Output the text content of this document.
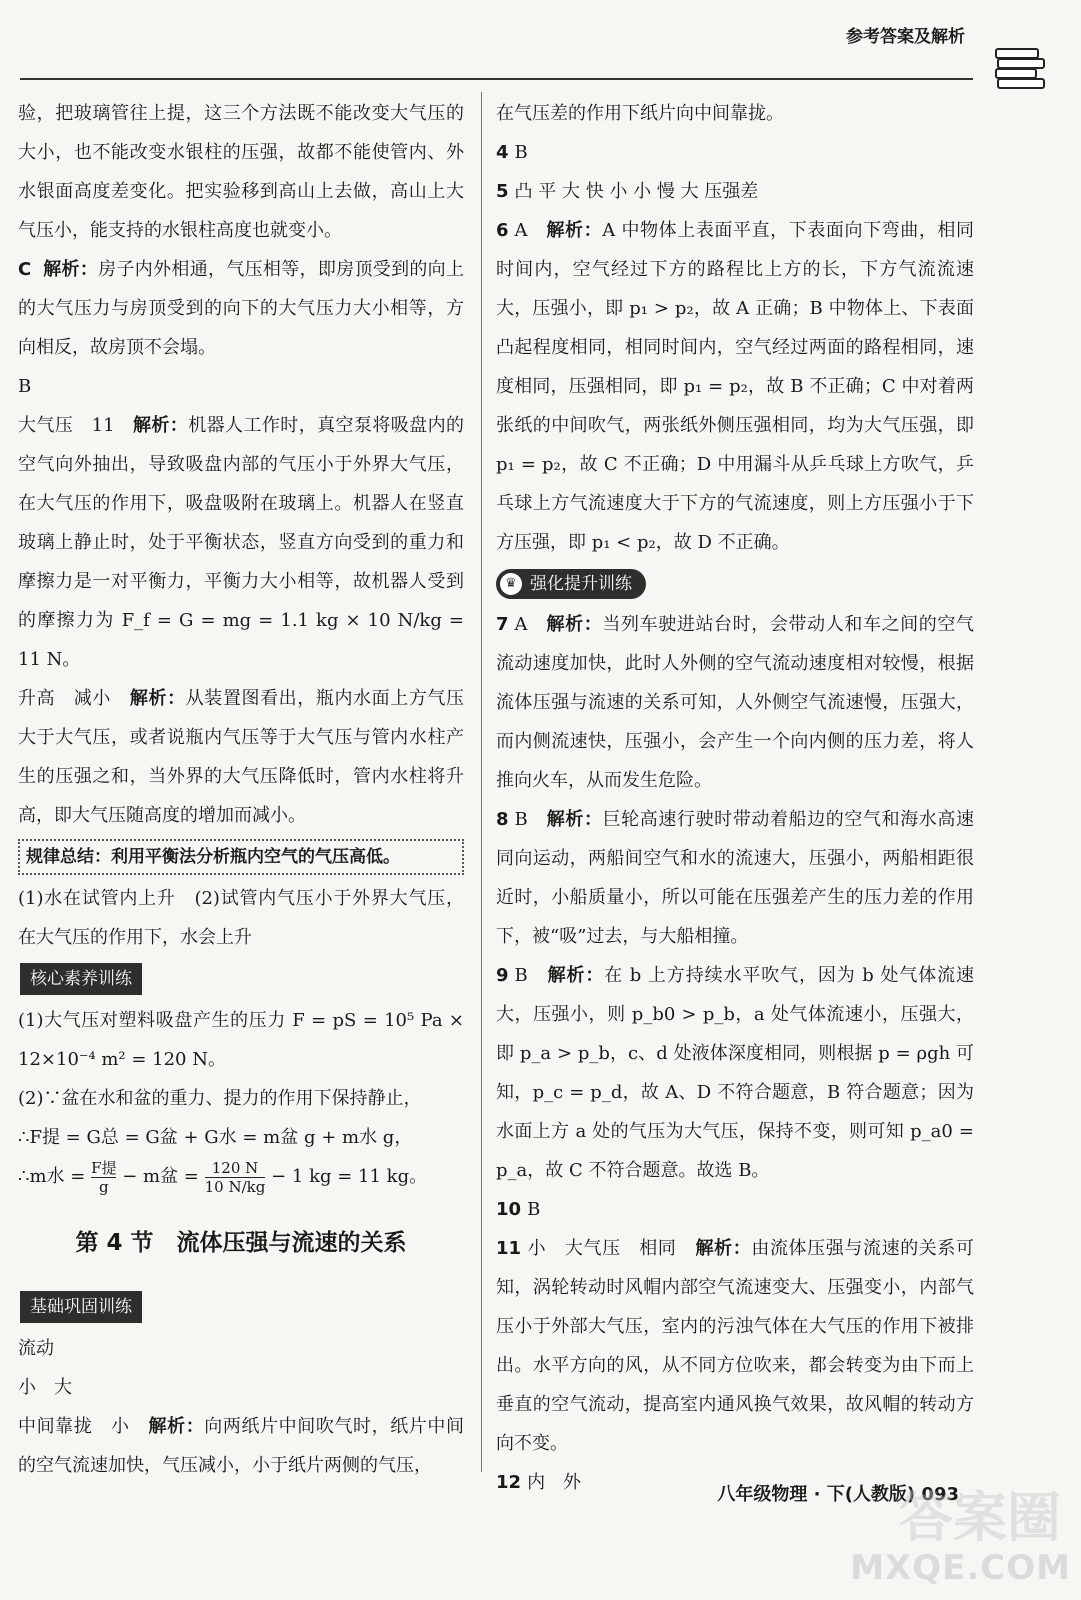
参考答案及解析

验，把玻璃管往上提，这三个方法既不能改变大气压的大小，也不能改变水银柱的压强，故都不能使管内、外水银面高度差变化。把实验移到高山上去做，高山上大气压小，能支持的水银柱高度也就变小。

C 解析：房子内外相通，气压相等，即房顶受到的向上的大气压力与房顶受到的向下的大气压力大小相等，方向相反，故房顶不会塌。

B

大气压　11 解析：机器人工作时，真空泵将吸盘内的空气向外抽出，导致吸盘内部的气压小于外界大气压，在大气压的作用下，吸盘吸附在玻璃上。机器人在竖直玻璃上静止时，处于平衡状态，竖直方向受到的重力和摩擦力是一对平衡力，平衡力大小相等，故机器人受到的摩擦力为 F_f = G = mg = 1.1 kg × 10 N/kg = 11 N。

升高　减小 解析：从装置图看出，瓶内水面上方气压大于大气压，或者说瓶内气压等于大气压与管内水柱产生的压强之和，当外界的大气压降低时，管内水柱将升高，即大气压随高度的增加而减小。

规律总结：利用平衡法分析瓶内空气的气压高低。

(1)水在试管内上升　(2)试管内气压小于外界大气压，在大气压的作用下，水会上升

核心素养训练

(1)大气压对塑料吸盘产生的压力 F = pS = 10⁵ Pa × 12×10⁻⁴ m² = 120 N。

(2)∵盆在水和盆的重力、提力的作用下保持静止，

∴F提 = G总 = G盆 + G水 = m盆 g + m水 g，

∴m水 = $\frac{\text{F提}}{g} - m$盆 = $\frac{120 N}{10 N/kg} - 1$ kg = 11 kg。

第 4 节　流体压强与流速的关系
基础巩固训练

流动

小　大

中间靠拢　小 解析：向两纸片中间吹气时，纸片中间的空气流速加快，气压减小，小于纸片两侧的气压，

在气压差的作用下纸片向中间靠拢。

4 B

5 凸 平 大 快 小 小 慢 大 压强差

6 A 解析：A 中物体上表面平直，下表面向下弯曲，相同时间内，空气经过下方的路程比上方的长，下方气流流速大，压强小，即 p₁ > p₂，故 A 正确；B 中物体上、下表面凸起程度相同，相同时间内，空气经过两面的路程相同，速度相同，压强相同，即 p₁ = p₂，故 B 不正确；C 中对着两张纸的中间吹气，两张纸外侧压强相同，均为大气压强，即 p₁ = p₂，故 C 不正确；D 中用漏斗从乒乓球上方吹气，乒乓球上方气流速度大于下方的气流速度，则上方压强小于下方压强，即 p₁ < p₂，故 D 不正确。

♛ 强化提升训练

7 A 解析：当列车驶进站台时，会带动人和车之间的空气流动速度加快，此时人外侧的空气流动速度相对较慢，根据流体压强与流速的关系可知，人外侧空气流速慢，压强大，而内侧流速快，压强小，会产生一个向内侧的压力差，将人推向火车，从而发生危险。

8 B 解析：巨轮高速行驶时带动着船边的空气和海水高速同向运动，两船间空气和水的流速大，压强小，两船相距很近时，小船质量小，所以可能在压强差产生的压力差的作用下，被“吸”过去，与大船相撞。

9 B 解析：在 b 上方持续水平吹气，因为 b 处气体流速大，压强小，则 p_b0 > p_b，a 处气体流速小，压强大，即 p_a > p_b，c、d 处液体深度相同，则根据 p = ρgh 可知，p_c = p_d，故 A、D 不符合题意，B 符合题意；因为水面上方 a 处的气压为大气压，保持不变，则可知 p_a0 = p_a，故 C 不符合题意。故选 B。

10 B

11 小　大气压　相同 解析：由流体压强与流速的关系可知，涡轮转动时风帽内部空气流速变大、压强变小，内部气压小于外部大气压，室内的污浊气体在大气压的作用下被排出。水平方向的风，从不同方位吹来，都会转变为由下而上垂直的空气流动，提高室内通风换气效果，故风帽的转动方向不变。

12 内　外

八年级物理 · 下(人教版) 093
答案圈
MXQE.COM
